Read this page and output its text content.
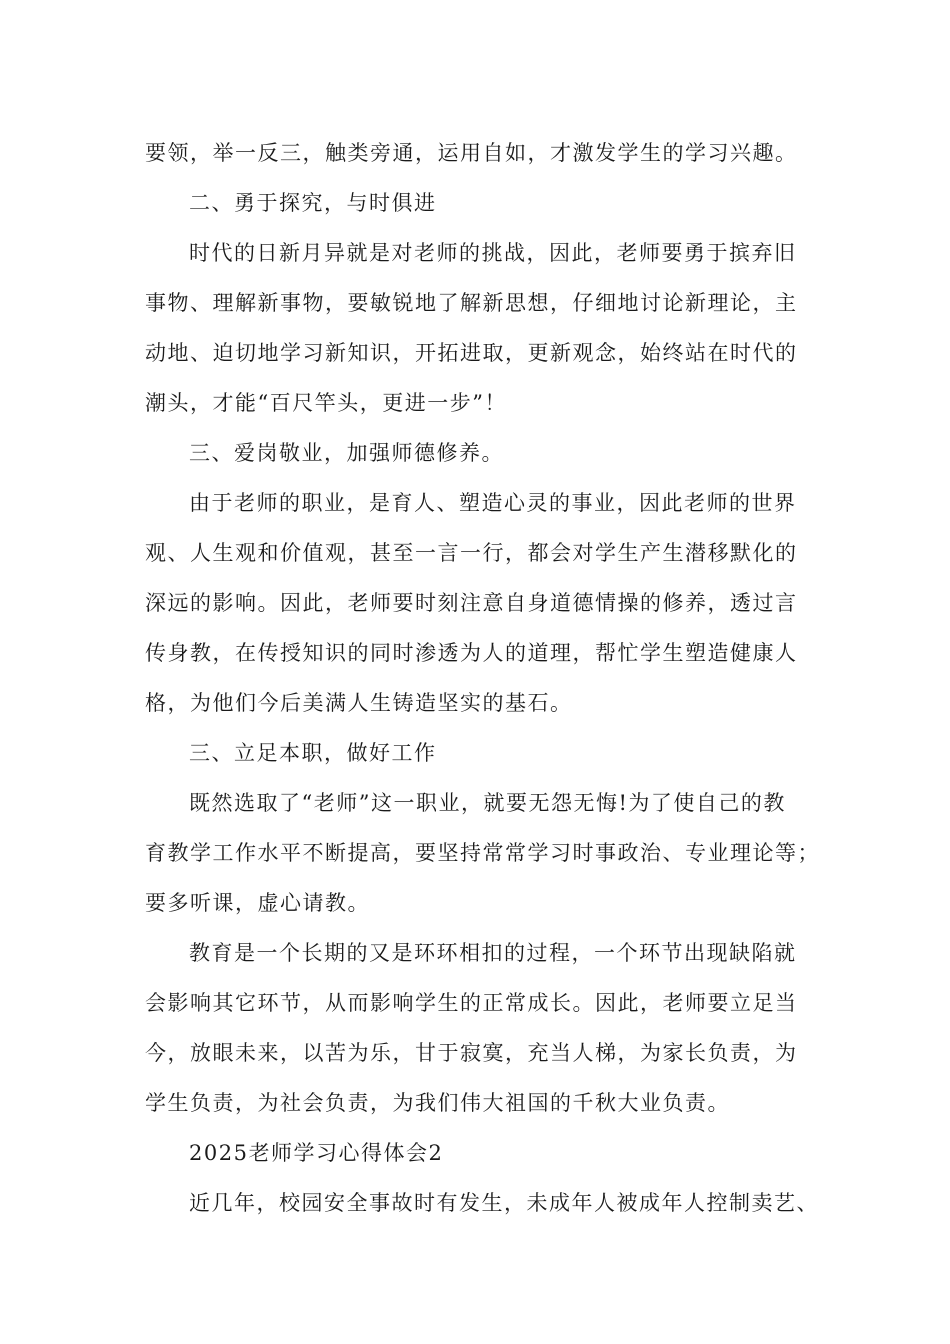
要领，举一反三，触类旁通，运用自如，才激发学生的学习兴趣。
二、勇于探究，与时俱进
时代的日新月异就是对老师的挑战，因此，老师要勇于摈弃旧
事物、理解新事物，要敏锐地了解新思想，仔细地讨论新理论，主
动地、迫切地学习新知识，开拓进取，更新观念，始终站在时代的
潮头，才能“百尺竿头，更进一步”！
三、爱岗敬业，加强师德修养。
由于老师的职业，是育人、塑造心灵的事业，因此老师的世界
观、人生观和价值观，甚至一言一行，都会对学生产生潜移默化的
深远的影响。因此，老师要时刻注意自身道德情操的修养，透过言
传身教，在传授知识的同时渗透为人的道理，帮忙学生塑造健康人
格，为他们今后美满人生铸造坚实的基石。
三、立足本职，做好工作
既然选取了“老师”这一职业，就要无怨无悔!为了使自己的教
育教学工作水平不断提高，要坚持常常学习时事政治、专业理论等；
要多听课，虚心请教。
教育是一个长期的又是环环相扣的过程，一个环节出现缺陷就
会影响其它环节，从而影响学生的正常成长。因此，老师要立足当
今，放眼未来，以苦为乐，甘于寂寞，充当人梯，为家长负责，为
学生负责，为社会负责，为我们伟大祖国的千秋大业负责。
2025老师学习心得体会2
近几年，校园安全事故时有发生，未成年人被成年人控制卖艺、
